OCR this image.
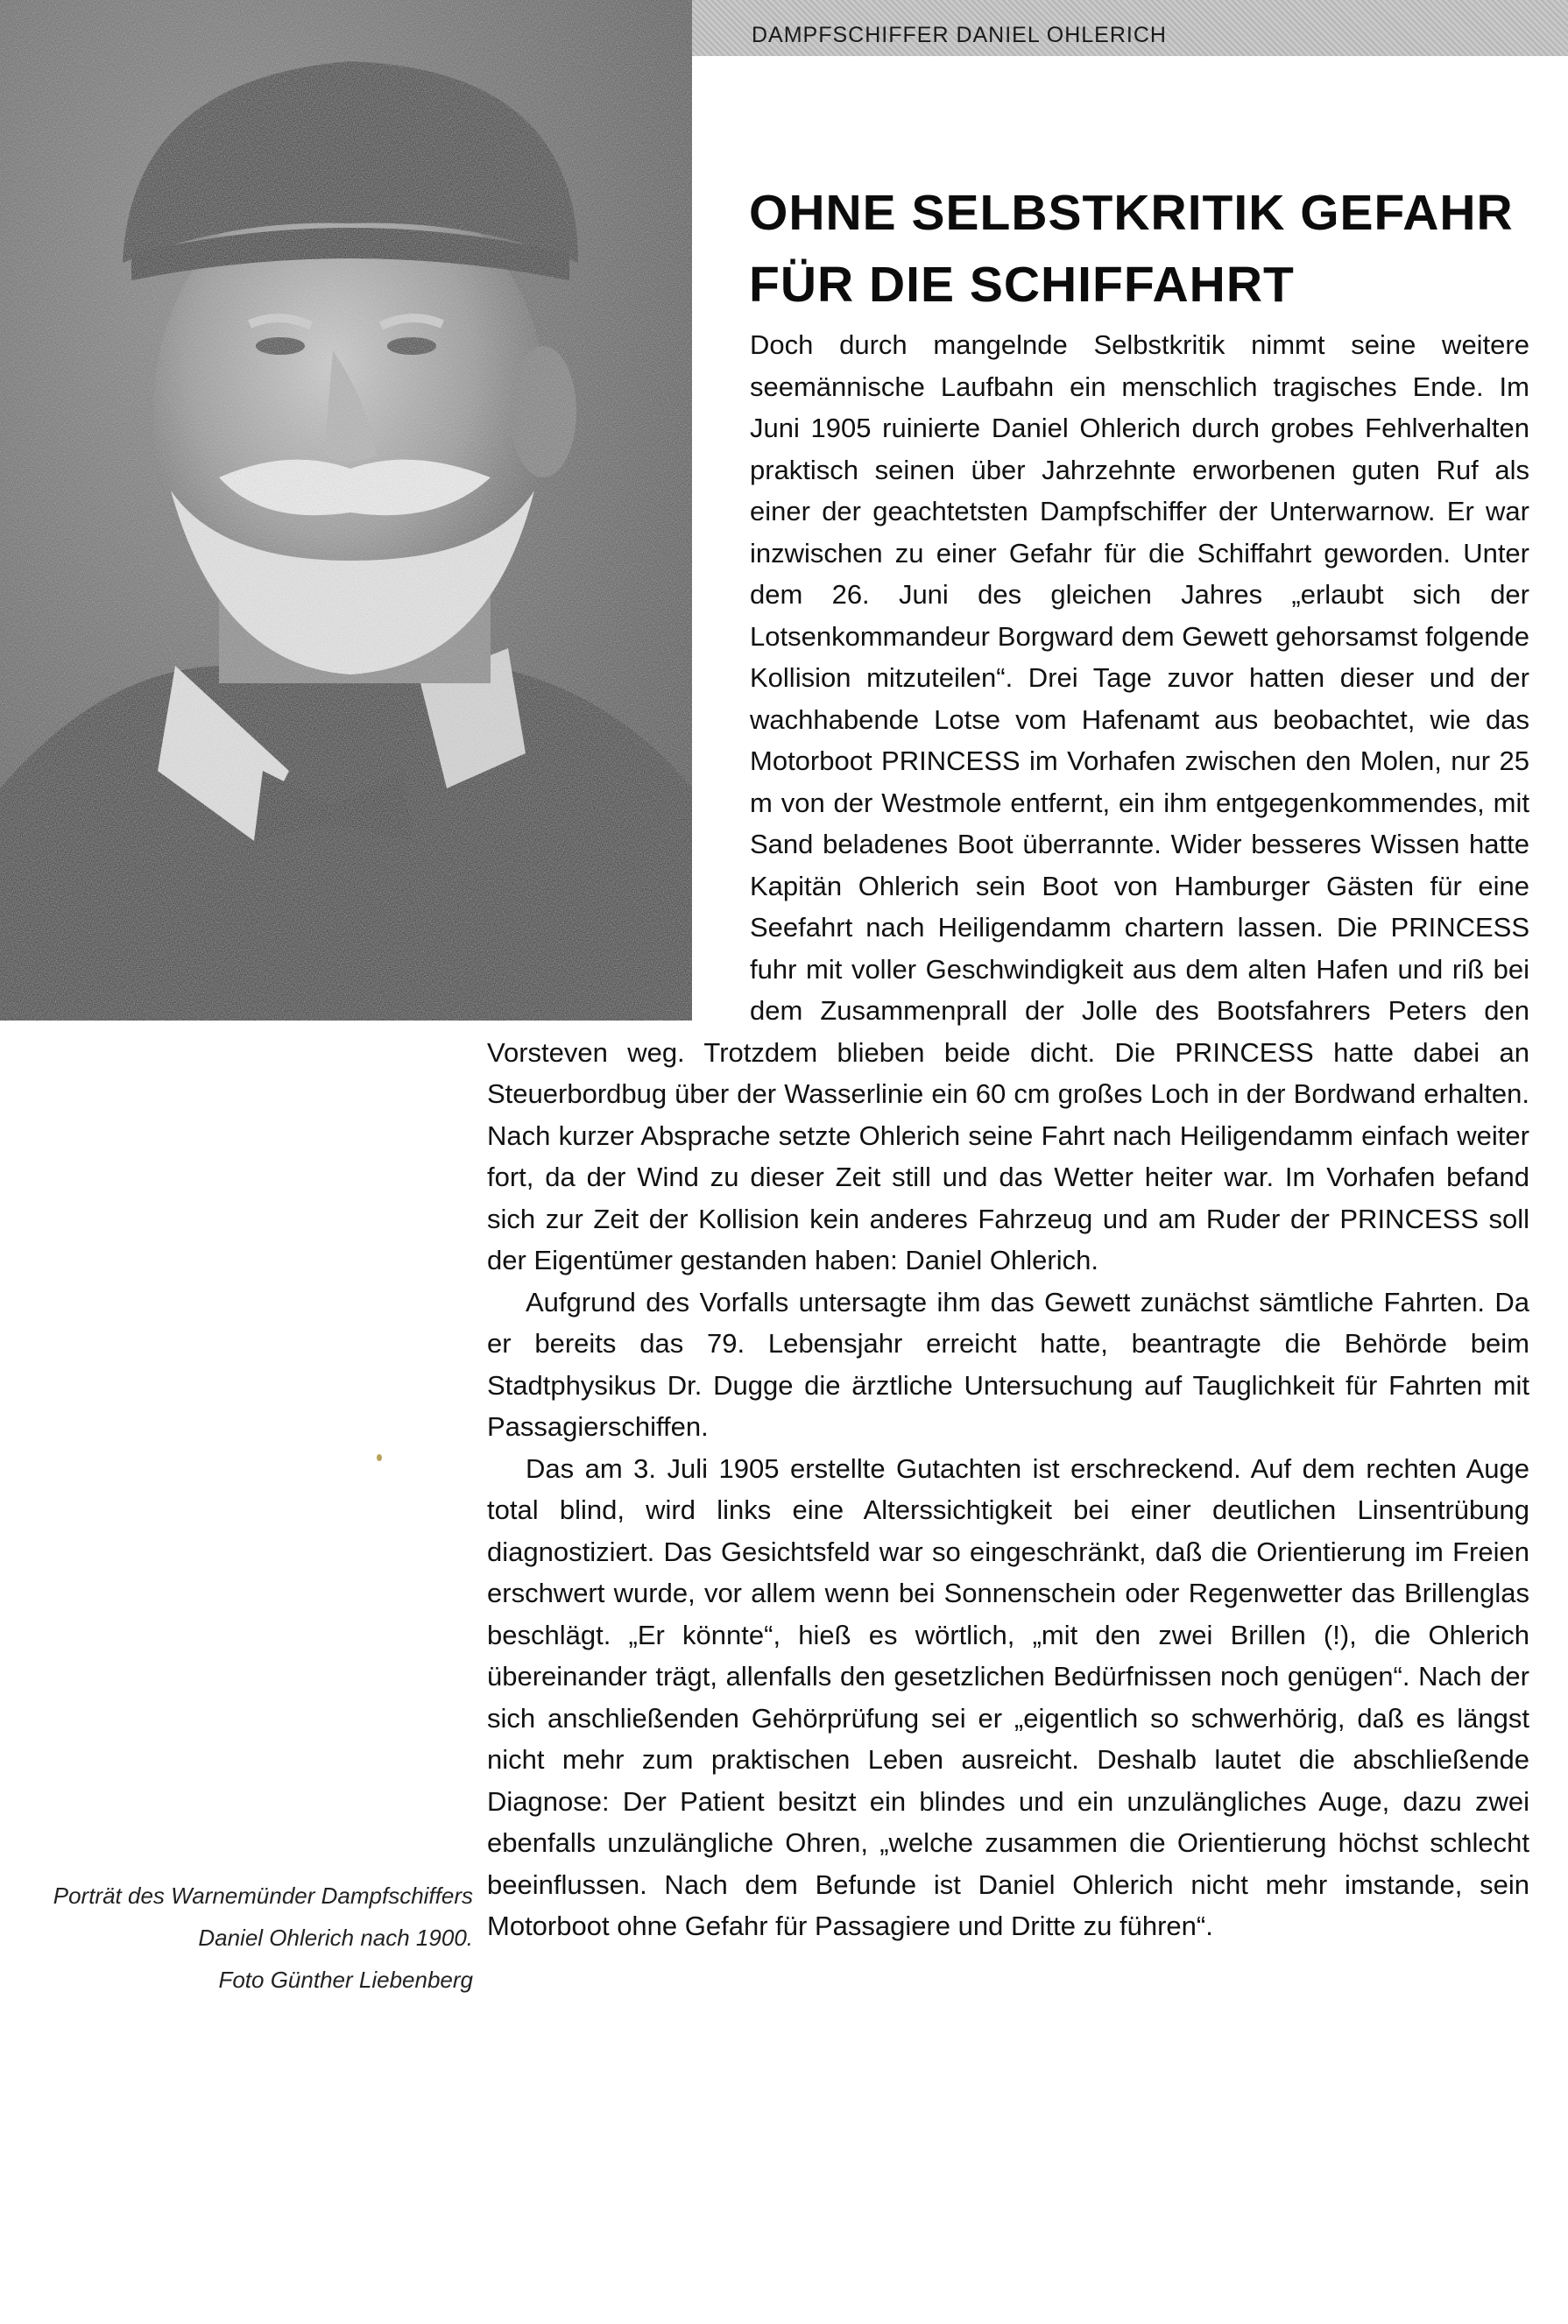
DAMPFSCHIFFER DANIEL OHLERICH
OHNE SELBSTKRITIK GEFAHR FÜR DIE SCHIFFAHRT

Doch durch mangelnde Selbstkritik nimmt seine weitere seemännische Laufbahn ein menschlich tragisches Ende. Im Juni 1905 ruinierte Daniel Ohlerich durch grobes Fehlverhalten praktisch seinen über Jahrzehnte erworbenen guten Ruf als einer der geachtetsten Dampfschiffer der Unterwarnow. Er war inzwischen zu einer Gefahr für die Schiffahrt geworden. Unter dem 26. Juni des gleichen Jahres „erlaubt sich der Lotsenkommandeur Borgward dem Gewett gehorsamst folgende Kollision mitzuteilen“. Drei Tage zuvor hatten dieser und der wachhabende Lotse vom Hafenamt aus beobachtet, wie das Motorboot PRINCESS im Vorhafen zwischen den Molen, nur 25 m von der Westmole entfernt, ein ihm entgegenkommendes, mit Sand beladenes Boot überrannte. Wider besseres Wissen hatte Kapitän Ohlerich sein Boot von Hamburger Gästen für eine Seefahrt nach Heiligendamm chartern lassen. Die PRINCESS fuhr mit voller Geschwindigkeit aus dem alten Hafen und riß bei dem Zusammenprall der Jolle des Bootsfahrers Peters den Vorsteven weg. Trotzdem blieben beide dicht. Die PRINCESS hatte dabei an Steuerbordbug über der Wasserlinie ein 60 cm großes Loch in der Bordwand erhalten. Nach kurzer Absprache setzte Ohlerich seine Fahrt nach Heiligendamm einfach weiter fort, da der Wind zu dieser Zeit still und das Wetter heiter war. Im Vorhafen befand sich zur Zeit der Kollision kein anderes Fahrzeug und am Ruder der PRINCESS soll der Eigentümer gestanden haben: Daniel Ohlerich.

Aufgrund des Vorfalls untersagte ihm das Gewett zunächst sämtliche Fahrten. Da er bereits das 79. Lebensjahr erreicht hatte, beantragte die Behörde beim Stadtphysikus Dr. Dugge die ärztliche Untersuchung auf Tauglichkeit für Fahrten mit Passagierschiffen.

Das am 3. Juli 1905 erstellte Gutachten ist erschreckend. Auf dem rechten Auge total blind, wird links eine Alterssichtigkeit bei einer deutlichen Linsentrübung diagnostiziert. Das Gesichtsfeld war so eingeschränkt, daß die Orientierung im Freien erschwert wurde, vor allem wenn bei Sonnenschein oder Regenwetter das Brillenglas beschlägt. „Er könnte“, hieß es wörtlich, „mit den zwei Brillen (!), die Ohlerich übereinander trägt, allenfalls den gesetzlichen Bedürfnissen noch genügen“. Nach der sich anschließenden Gehörprüfung sei er „eigentlich so schwerhörig, daß es längst nicht mehr zum praktischen Leben ausreicht. Deshalb lautet die abschließende Diagnose: Der Patient besitzt ein blindes und ein unzulängliches Auge, dazu zwei ebenfalls unzulängliche Ohren, „welche zusammen die Orientierung höchst schlecht beeinflussen. Nach dem Befunde ist Daniel Ohlerich nicht mehr imstande, sein Motorboot ohne Gefahr für Passagiere und Dritte zu führen“.

Porträt des Warnemünder Dampfschiffers
Daniel Ohlerich nach 1900.
Foto Günther Liebenberg
